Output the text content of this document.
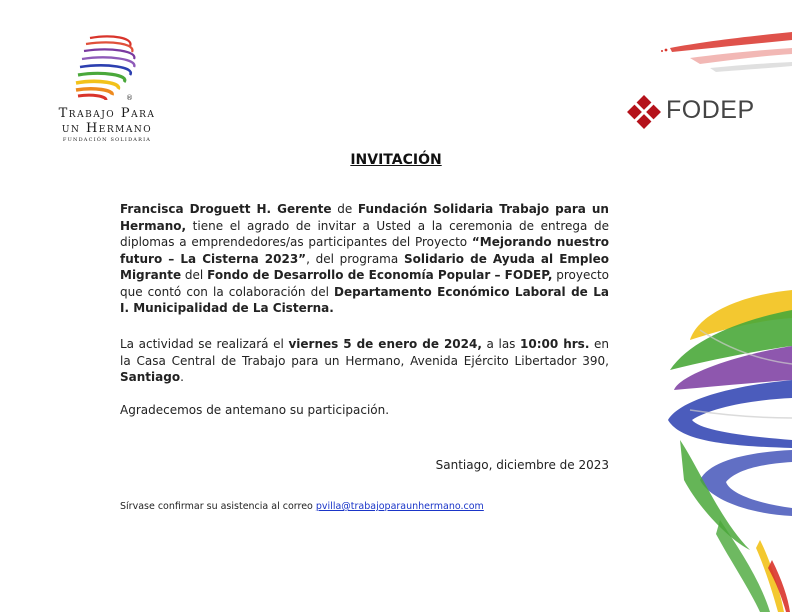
®
Trabajo Para
un Hermano
FUNDACIÓN SOLIDARIA
FODEP
INVITACIÓN
Francisca Droguett H. Gerente de Fundación Solidaria Trabajo para un Hermano, tiene el agrado de invitar a Usted a la ceremonia de entrega de diplomas a emprendedores/as participantes del Proyecto “Mejorando nuestro futuro – La Cisterna 2023”, del programa Solidario de Ayuda al Empleo Migrante del Fondo de Desarrollo de Economía Popular – FODEP, proyecto que contó con la colaboración del Departamento Económico Laboral de La I. Municipalidad de La Cisterna.
La actividad se realizará el viernes 5 de enero de 2024, a las 10:00 hrs. en la Casa Central de Trabajo para un Hermano, Avenida Ejército Libertador 390, Santiago.
Agradecemos de antemano su participación.
Santiago, diciembre de 2023
Sírvase confirmar su asistencia al correo pvilla@trabajoparaunhermano.com
